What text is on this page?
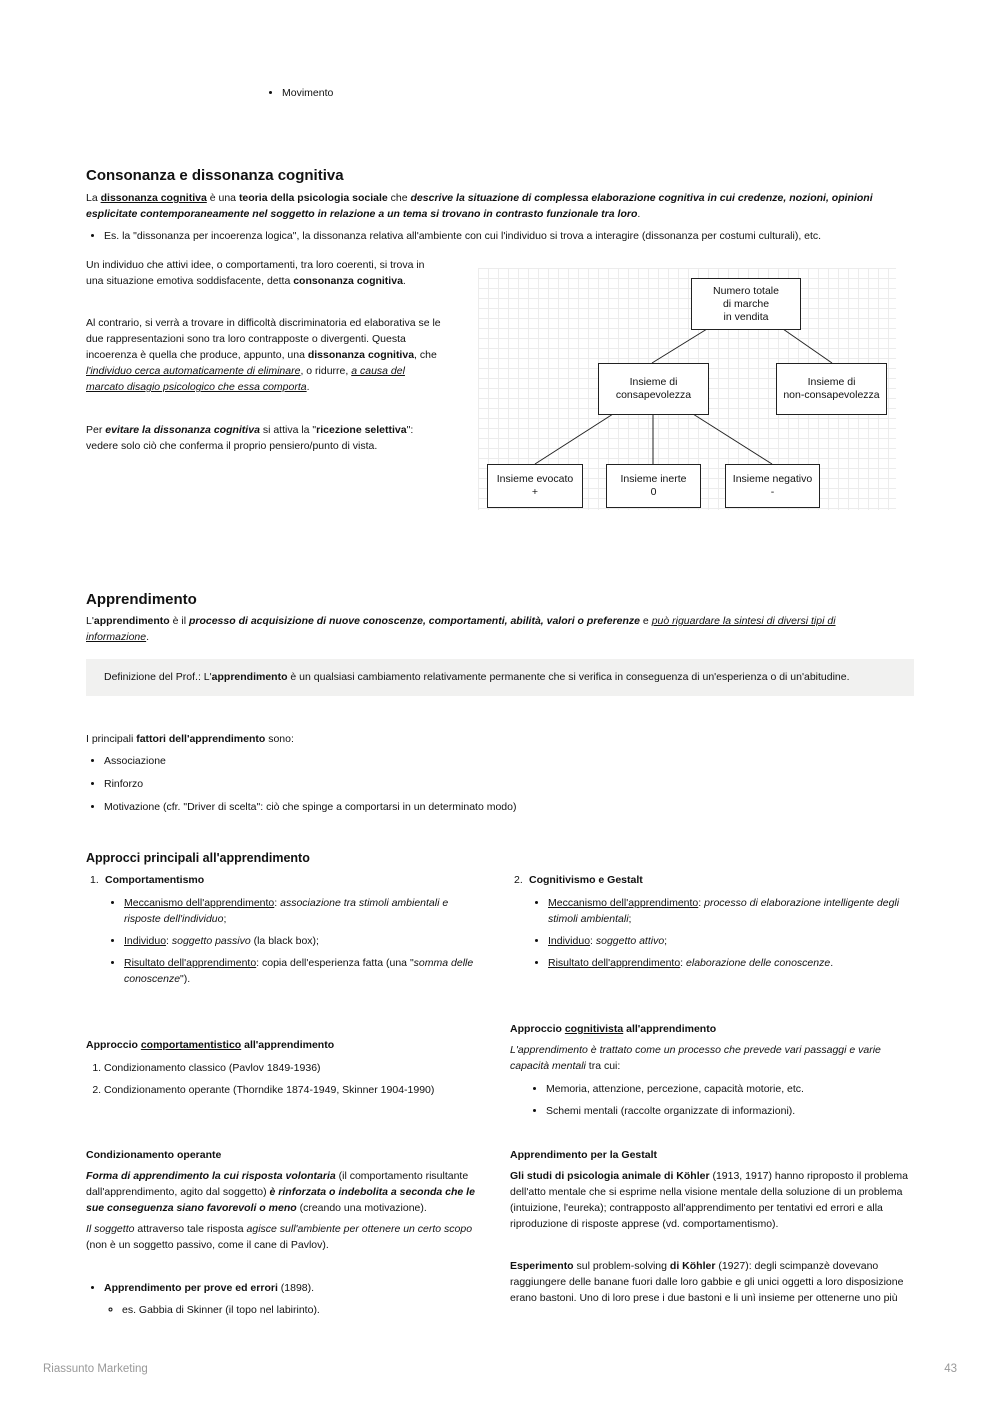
• Movimento
Consonanza e dissonanza cognitiva

La dissonanza cognitiva è una teoria della psicologia sociale che descrive la situazione di complessa elaborazione cognitiva in cui credenze, nozioni, opinioni esplicitate contemporaneamente nel soggetto in relazione a un tema si trovano in contrasto funzionale tra loro.

• Es. la "dissonanza per incoerenza logica", la dissonanza relativa all'ambiente con cui l'individuo si trova a interagire (dissonanza per costumi culturali), etc.

Un individuo che attivi idee, o comportamenti, tra loro coerenti, si trova in una situazione emotiva soddisfacente, detta consonanza cognitiva.

Al contrario, si verrà a trovare in difficoltà discriminatoria ed elaborativa se le due rappresentazioni sono tra loro contrapposte o divergenti. Questa incoerenza è quella che produce, appunto, una dissonanza cognitiva, che l'individuo cerca automaticamente di eliminare, o ridurre, a causa del marcato disagio psicologico che essa comporta.

Per evitare la dissonanza cognitiva si attiva la "ricezione selettiva": vedere solo ciò che conferma il proprio pensiero/punto di vista.

Numero totale
di marche
in vendita
Insieme di
consapevolezza
Insieme di
non-consapevolezza
Insieme evocato
+
Insieme inerte
0
Insieme negativo
-
Apprendimento

L'apprendimento è il processo di acquisizione di nuove conoscenze, comportamenti, abilità, valori o preferenze e può riguardare la sintesi di diversi tipi di informazione.

Definizione del Prof.: L'apprendimento è un qualsiasi cambiamento relativamente permanente che si verifica in conseguenza di un'esperienza o di un'abitudine.

I principali fattori dell'apprendimento sono:

• Associazione
• Rinforzo
• Motivazione (cfr. "Driver di scelta": ciò che spinge a comportarsi in un determinato modo)
Approcci principali all'apprendimento
1. Comportamentismo
• Meccanismo dell'apprendimento: associazione tra stimoli ambientali e risposte dell'individuo;
• Individuo: soggetto passivo (la black box);
• Risultato dell'apprendimento: copia dell'esperienza fatta (una "somma delle conoscenze").
2. Cognitivismo e Gestalt
• Meccanismo dell'apprendimento: processo di elaborazione intelligente degli stimoli ambientali;
• Individuo: soggetto attivo;
• Risultato dell'apprendimento: elaborazione delle conoscenze.
Approccio comportamentistico all'apprendimento
1. Condizionamento classico (Pavlov 1849-1936)
2. Condizionamento operante (Thorndike 1874-1949, Skinner 1904-1990)
Approccio cognitivista all'apprendimento

L'apprendimento è trattato come un processo che prevede vari passaggi e varie capacità mentali tra cui:

• Memoria, attenzione, percezione, capacità motorie, etc.
• Schemi mentali (raccolte organizzate di informazioni).
Condizionamento operante

Forma di apprendimento la cui risposta volontaria (il comportamento risultante dall'apprendimento, agito dal soggetto) è rinforzata o indebolita a seconda che le sue conseguenza siano favorevoli o meno (creando una motivazione).

Il soggetto attraverso tale risposta agisce sull'ambiente per ottenere un certo scopo (non è un soggetto passivo, come il cane di Pavlov).

• Apprendimento per prove ed errori (1898).
◦ es. Gabbia di Skinner (il topo nel labirinto).
Apprendimento per la Gestalt

Gli studi di psicologia animale di Köhler (1913, 1917) hanno riproposto il problema dell'atto mentale che si esprime nella visione mentale della soluzione di un problema (intuizione, l'eureka); contrapposto all'apprendimento per tentativi ed errori e alla riproduzione di risposte apprese (vd. comportamentismo).

Esperimento sul problem-solving di Köhler (1927): degli scimpanzè dovevano raggiungere delle banane fuori dalle loro gabbie e gli unici oggetti a loro disposizione erano bastoni. Uno di loro prese i due bastoni e li unì insieme per ottenerne uno più

Riassunto Marketing	43
